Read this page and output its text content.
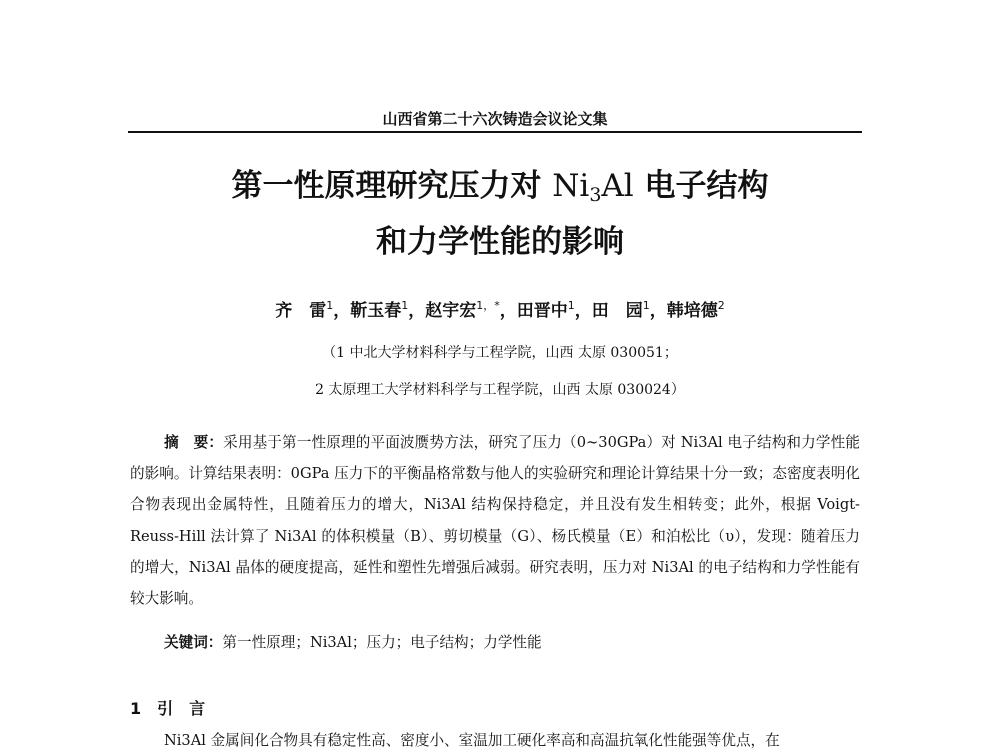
山西省第二十六次铸造会议论文集
第一性原理研究压力对 $Ni_3Al$ 电子结构
和力学性能的影响
齐　雷$^1$，靳玉春$^1$，赵宇宏$^{1,*}$，田晋中$^1$，田　园$^1$，韩培德$^2$
（1 中北大学材料科学与工程学院，山西 太原 030051；
2 太原理工大学材料科学与工程学院，山西 太原 030024）
摘　要：采用基于第一性原理的平面波赝势方法，研究了压力（0~30GPa）对 Ni3Al 电子结构和力学性能的影响。计算结果表明：0GPa 压力下的平衡晶格常数与他人的实验研究和理论计算结果十分一致；态密度表明化合物表现出金属特性，且随着压力的增大，Ni3Al 结构保持稳定，并且没有发生相转变；此外，根据 Voigt-Reuss-Hill 法计算了 Ni3Al 的体积模量（B）、剪切模量（G）、杨氏模量（E）和泊松比（υ），发现：随着压力的增大，Ni3Al 晶体的硬度提高，延性和塑性先增强后减弱。研究表明，压力对 Ni3Al 的电子结构和力学性能有较大影响。
关键词：第一性原理；Ni3Al；压力；电子结构；力学性能
1 引　言
Ni3Al 金属间化合物具有稳定性高、密度小、室温加工硬化率高和高温抗氧化性能强等优点，在
